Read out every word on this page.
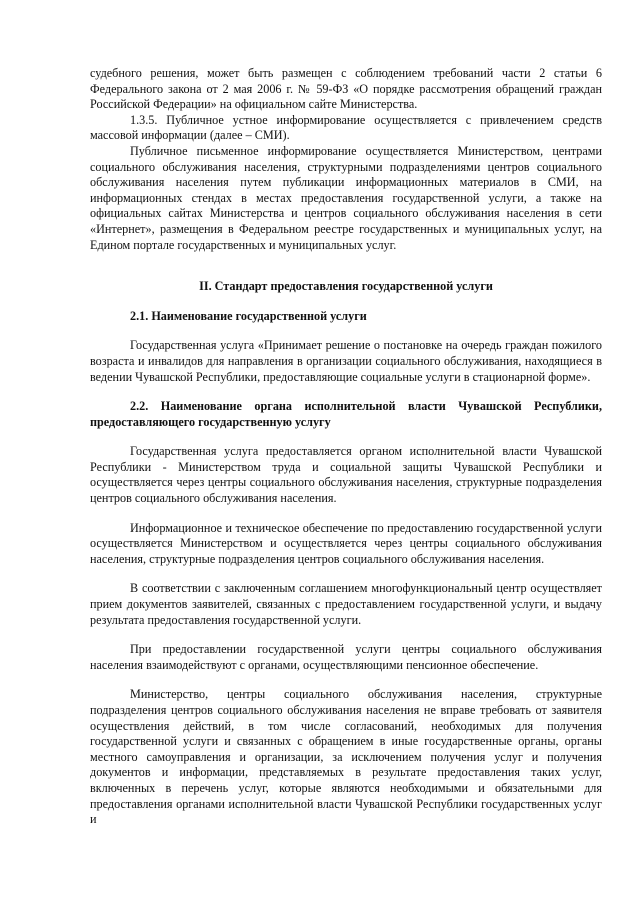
судебного решения, может быть размещен с соблюдением требований части 2 статьи 6 Федерального закона от 2 мая 2006 г. № 59-ФЗ «О порядке рассмотрения обращений граждан Российской Федерации» на официальном сайте Министерства.

1.3.5. Публичное устное информирование осуществляется с привлечением средств массовой информации (далее – СМИ).

Публичное письменное информирование осуществляется Министерством, центрами социального обслуживания населения, структурными подразделениями центров социального обслуживания населения путем публикации информационных материалов в СМИ, на информационных стендах в местах предоставления государственной услуги, а также на официальных сайтах Министерства и центров социального обслуживания населения в сети «Интернет», размещения в Федеральном реестре государственных и муниципальных услуг, на Едином портале государственных и муниципальных услуг.

II. Стандарт предоставления государственной услуги

2.1. Наименование государственной услуги

Государственная услуга «Принимает решение о постановке на очередь граждан пожилого возраста и инвалидов для направления в организации социального обслуживания, находящиеся в ведении Чувашской Республики, предоставляющие социальные услуги в стационарной форме».

2.2. Наименование органа исполнительной власти Чувашской Республики, предоставляющего государственную услугу

Государственная услуга предоставляется органом исполнительной власти Чувашской Республики - Министерством труда и социальной защиты Чувашской Республики и осуществляется через центры социального обслуживания населения, структурные подразделения центров социального обслуживания населения.

Информационное и техническое обеспечение по предоставлению государственной услуги осуществляется Министерством и осуществляется через центры социального обслуживания населения, структурные подразделения центров социального обслуживания населения.

В соответствии с заключенным соглашением многофункциональный центр осуществляет прием документов заявителей, связанных с предоставлением государственной услуги, и выдачу результата предоставления государственной услуги.

При предоставлении государственной услуги центры социального обслуживания населения взаимодействуют с органами, осуществляющими пенсионное обеспечение.

Министерство, центры социального обслуживания населения, структурные подразделения центров социального обслуживания населения не вправе требовать от заявителя осуществления действий, в том числе согласований, необходимых для получения государственной услуги и связанных с обращением в иные государственные органы, органы местного самоуправления и организации, за исключением получения услуг и получения документов и информации, представляемых в результате предоставления таких услуг, включенных в перечень услуг, которые являются необходимыми и обязательными для предоставления органами исполнительной власти Чувашской Республики государственных услуг и
